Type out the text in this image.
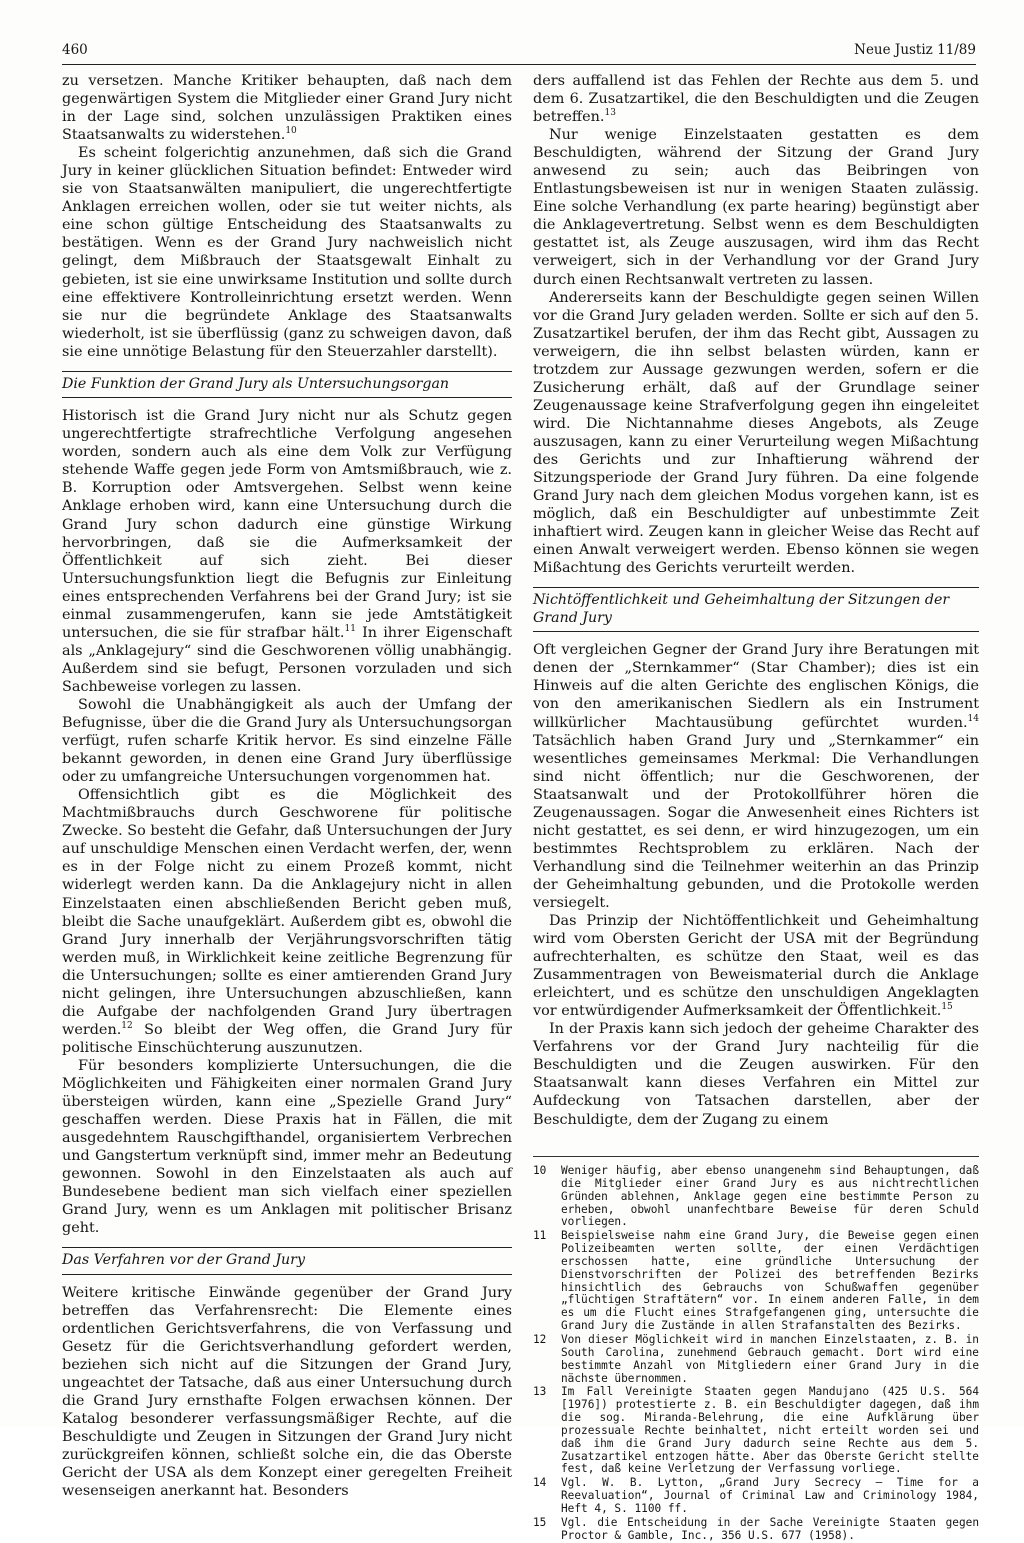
460	Neue Justiz 11/89

zu versetzen. Manche Kritiker behaupten, daß nach dem gegenwärtigen System die Mitglieder einer Grand Jury nicht in der Lage sind, solchen unzulässigen Praktiken eines Staatsanwalts zu widerstehen.$^{10}$

Es scheint folgerichtig anzunehmen, daß sich die Grand Jury in keiner glücklichen Situation befindet: Entweder wird sie von Staatsanwälten manipuliert, die ungerechtfertigte Anklagen erreichen wollen, oder sie tut weiter nichts, als eine schon gültige Entscheidung des Staatsanwalts zu bestätigen. Wenn es der Grand Jury nachweislich nicht gelingt, dem Mißbrauch der Staatsgewalt Einhalt zu gebieten, ist sie eine unwirksame Institution und sollte durch eine effektivere Kontrolleinrichtung ersetzt werden. Wenn sie nur die begründete Anklage des Staatsanwalts wiederholt, ist sie überflüssig (ganz zu schweigen davon, daß sie eine unnötige Belastung für den Steuerzahler darstellt).

Die Funktion der Grand Jury als Untersuchungsorgan

Historisch ist die Grand Jury nicht nur als Schutz gegen ungerechtfertigte strafrechtliche Verfolgung angesehen worden, sondern auch als eine dem Volk zur Verfügung stehende Waffe gegen jede Form von Amtsmißbrauch, wie z. B. Korruption oder Amtsvergehen. Selbst wenn keine Anklage erhoben wird, kann eine Untersuchung durch die Grand Jury schon dadurch eine günstige Wirkung hervorbringen, daß sie die Aufmerksamkeit der Öffentlichkeit auf sich zieht. Bei dieser Untersuchungsfunktion liegt die Befugnis zur Einleitung eines entsprechenden Verfahrens bei der Grand Jury; ist sie einmal zusammengerufen, kann sie jede Amtstätigkeit untersuchen, die sie für strafbar hält.$^{11}$ In ihrer Eigenschaft als „Anklagejury“ sind die Geschworenen völlig unabhängig. Außerdem sind sie befugt, Personen vorzuladen und sich Sachbeweise vorlegen zu lassen.

Sowohl die Unabhängigkeit als auch der Umfang der Befugnisse, über die die Grand Jury als Untersuchungsorgan verfügt, rufen scharfe Kritik hervor. Es sind einzelne Fälle bekannt geworden, in denen eine Grand Jury überflüssige oder zu umfangreiche Untersuchungen vorgenommen hat.

Offensichtlich gibt es die Möglichkeit des Machtmißbrauchs durch Geschworene für politische Zwecke. So besteht die Gefahr, daß Untersuchungen der Jury auf unschuldige Menschen einen Verdacht werfen, der, wenn es in der Folge nicht zu einem Prozeß kommt, nicht widerlegt werden kann. Da die Anklagejury nicht in allen Einzelstaaten einen abschließenden Bericht geben muß, bleibt die Sache unaufgeklärt. Außerdem gibt es, obwohl die Grand Jury innerhalb der Verjährungsvorschriften tätig werden muß, in Wirklichkeit keine zeitliche Begrenzung für die Untersuchungen; sollte es einer amtierenden Grand Jury nicht gelingen, ihre Untersuchungen abzuschließen, kann die Aufgabe der nachfolgenden Grand Jury übertragen werden.$^{12}$ So bleibt der Weg offen, die Grand Jury für politische Einschüchterung auszunutzen.

Für besonders komplizierte Untersuchungen, die die Möglichkeiten und Fähigkeiten einer normalen Grand Jury übersteigen würden, kann eine „Spezielle Grand Jury“ geschaffen werden. Diese Praxis hat in Fällen, die mit ausgedehntem Rauschgifthandel, organisiertem Verbrechen und Gangstertum verknüpft sind, immer mehr an Bedeutung gewonnen. Sowohl in den Einzelstaaten als auch auf Bundesebene bedient man sich vielfach einer speziellen Grand Jury, wenn es um Anklagen mit politischer Brisanz geht.

Das Verfahren vor der Grand Jury

Weitere kritische Einwände gegenüber der Grand Jury betreffen das Verfahrensrecht: Die Elemente eines ordentlichen Gerichtsverfahrens, die von Verfassung und Gesetz für die Gerichtsverhandlung gefordert werden, beziehen sich nicht auf die Sitzungen der Grand Jury, ungeachtet der Tatsache, daß aus einer Untersuchung durch die Grand Jury ernsthafte Folgen erwachsen können. Der Katalog besonderer verfassungsmäßiger Rechte, auf die Beschuldigte und Zeugen in Sitzungen der Grand Jury nicht zurückgreifen können, schließt solche ein, die das Oberste Gericht der USA als dem Konzept einer geregelten Freiheit wesenseigen anerkannt hat. Besonders

ders auffallend ist das Fehlen der Rechte aus dem 5. und dem 6. Zusatzartikel, die den Beschuldigten und die Zeugen betreffen.$^{13}$

Nur wenige Einzelstaaten gestatten es dem Beschuldigten, während der Sitzung der Grand Jury anwesend zu sein; auch das Beibringen von Entlastungsbeweisen ist nur in wenigen Staaten zulässig. Eine solche Verhandlung (ex parte hearing) begünstigt aber die Anklagevertretung. Selbst wenn es dem Beschuldigten gestattet ist, als Zeuge auszusagen, wird ihm das Recht verweigert, sich in der Verhandlung vor der Grand Jury durch einen Rechtsanwalt vertreten zu lassen.

Andererseits kann der Beschuldigte gegen seinen Willen vor die Grand Jury geladen werden. Sollte er sich auf den 5. Zusatzartikel berufen, der ihm das Recht gibt, Aussagen zu verweigern, die ihn selbst belasten würden, kann er trotzdem zur Aussage gezwungen werden, sofern er die Zusicherung erhält, daß auf der Grundlage seiner Zeugenaussage keine Strafverfolgung gegen ihn eingeleitet wird. Die Nichtannahme dieses Angebots, als Zeuge auszusagen, kann zu einer Verurteilung wegen Mißachtung des Gerichts und zur Inhaftierung während der Sitzungsperiode der Grand Jury führen. Da eine folgende Grand Jury nach dem gleichen Modus vorgehen kann, ist es möglich, daß ein Beschuldigter auf unbestimmte Zeit inhaftiert wird. Zeugen kann in gleicher Weise das Recht auf einen Anwalt verweigert werden. Ebenso können sie wegen Mißachtung des Gerichts verurteilt werden.

Nichtöffentlichkeit und Geheimhaltung der Sitzungen der Grand Jury

Oft vergleichen Gegner der Grand Jury ihre Beratungen mit denen der „Sternkammer“ (Star Chamber); dies ist ein Hinweis auf die alten Gerichte des englischen Königs, die von den amerikanischen Siedlern als ein Instrument willkürlicher Machtausübung gefürchtet wurden.$^{14}$ Tatsächlich haben Grand Jury und „Sternkammer“ ein wesentliches gemeinsames Merkmal: Die Verhandlungen sind nicht öffentlich; nur die Geschworenen, der Staatsanwalt und der Protokollführer hören die Zeugenaussagen. Sogar die Anwesenheit eines Richters ist nicht gestattet, es sei denn, er wird hinzugezogen, um ein bestimmtes Rechtsproblem zu erklären. Nach der Verhandlung sind die Teilnehmer weiterhin an das Prinzip der Geheimhaltung gebunden, und die Protokolle werden versiegelt.

Das Prinzip der Nichtöffentlichkeit und Geheimhaltung wird vom Obersten Gericht der USA mit der Begründung aufrechterhalten, es schütze den Staat, weil es das Zusammentragen von Beweismaterial durch die Anklage erleichtert, und es schütze den unschuldigen Angeklagten vor entwürdigender Aufmerksamkeit der Öffentlichkeit.$^{15}$

In der Praxis kann sich jedoch der geheime Charakter des Verfahrens vor der Grand Jury nachteilig für die Beschuldigten und die Zeugen auswirken. Für den Staatsanwalt kann dieses Verfahren ein Mittel zur Aufdeckung von Tatsachen darstellen, aber der Beschuldigte, dem der Zugang zu einem

10	Weniger häufig, aber ebenso unangenehm sind Behauptungen, daß die Mitglieder einer Grand Jury es aus nichtrechtlichen Gründen ablehnen, Anklage gegen eine bestimmte Person zu erheben, obwohl unanfechtbare Beweise für deren Schuld vorliegen.
11	Beispielsweise nahm eine Grand Jury, die Beweise gegen einen Polizeibeamten werten sollte, der einen Verdächtigen erschossen hatte, eine gründliche Untersuchung der Dienstvorschriften der Polizei des betreffenden Bezirks hinsichtlich des Gebrauchs von Schußwaffen gegenüber „flüchtigen Straftätern“ vor. In einem anderen Falle, in dem es um die Flucht eines Strafgefangenen ging, untersuchte die Grand Jury die Zustände in allen Strafanstalten des Bezirks.
12	Von dieser Möglichkeit wird in manchen Einzelstaaten, z. B. in South Carolina, zunehmend Gebrauch gemacht. Dort wird eine bestimmte Anzahl von Mitgliedern einer Grand Jury in die nächste übernommen.
13	Im Fall Vereinigte Staaten gegen Mandujano (425 U.S. 564 [1976]) protestierte z. B. ein Beschuldigter dagegen, daß ihm die sog. Miranda-Belehrung, die eine Aufklärung über prozessuale Rechte beinhaltet, nicht erteilt worden sei und daß ihm die Grand Jury dadurch seine Rechte aus dem 5. Zusatzartikel entzogen hätte. Aber das Oberste Gericht stellte fest, daß keine Verletzung der Verfassung vorliege.
14	Vgl. W. B. Lytton, „Grand Jury Secrecy – Time for a Reevaluation“, Journal of Criminal Law and Criminology 1984, Heft 4, S. 1100 ff.
15	Vgl. die Entscheidung in der Sache Vereinigte Staaten gegen Proctor & Gamble, Inc., 356 U.S. 677 (1958).
